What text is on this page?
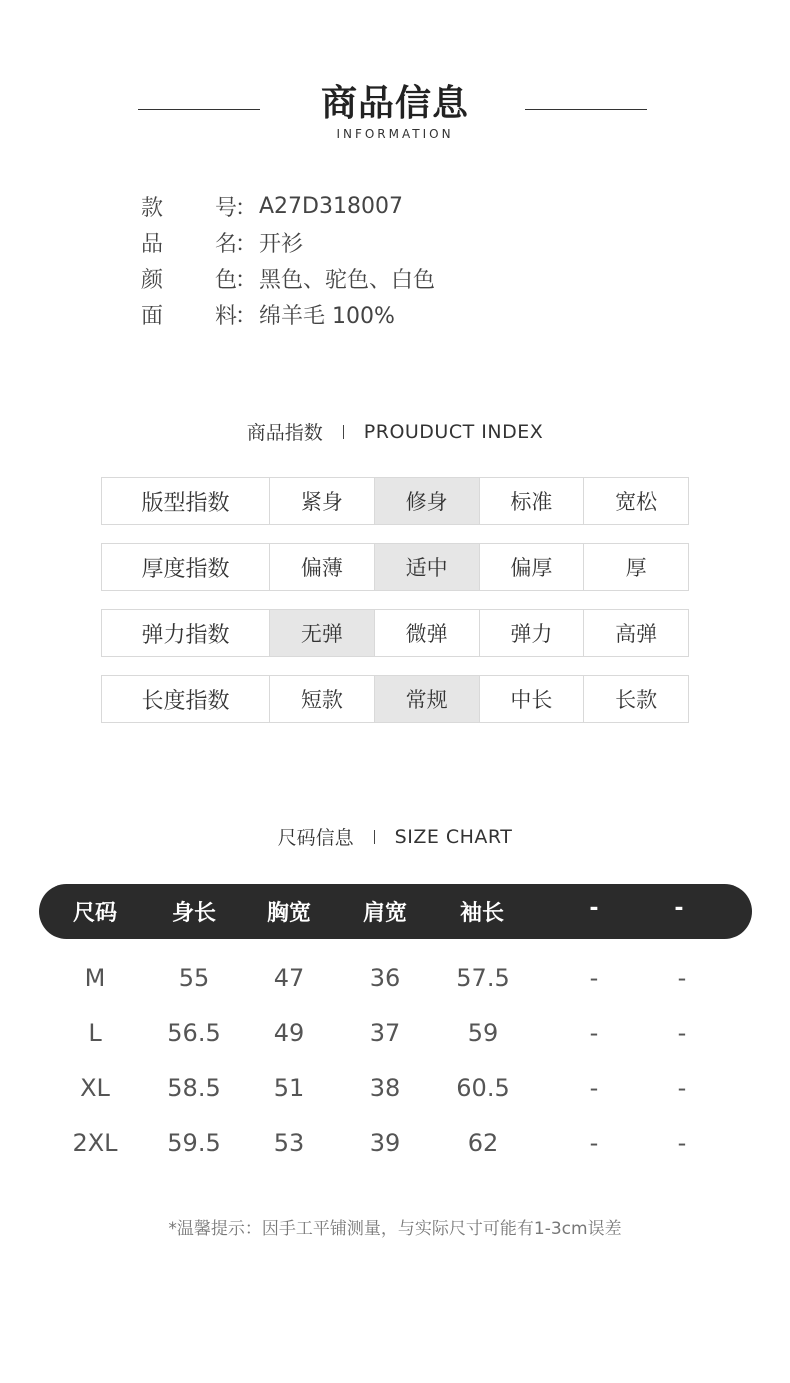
商品信息
INFORMATION
款 号
： A27D318007
品 名
： 开衫
颜 色
： 黑色、驼色、白色
面 料
： 绵羊毛 100%
商品指数 PROUDUCT INDEX
版型指数	紧身	修身	标准	宽松
厚度指数	偏薄	适中	偏厚	厚
弹力指数	无弹	微弹	弹力	高弹
长度指数	短款	常规	中长	长款
尺码信息 SIZE CHART
尺码	身长	胸宽	肩宽	袖长	-	-
M	55	47	36	57.5	-	-
L	56.5	49	37	59	-	-
XL	58.5	51	38	60.5	-	-
2XL	59.5	53	39	62	-	-
*温馨提示：因手工平铺测量，与实际尺寸可能有1-3cm误差
